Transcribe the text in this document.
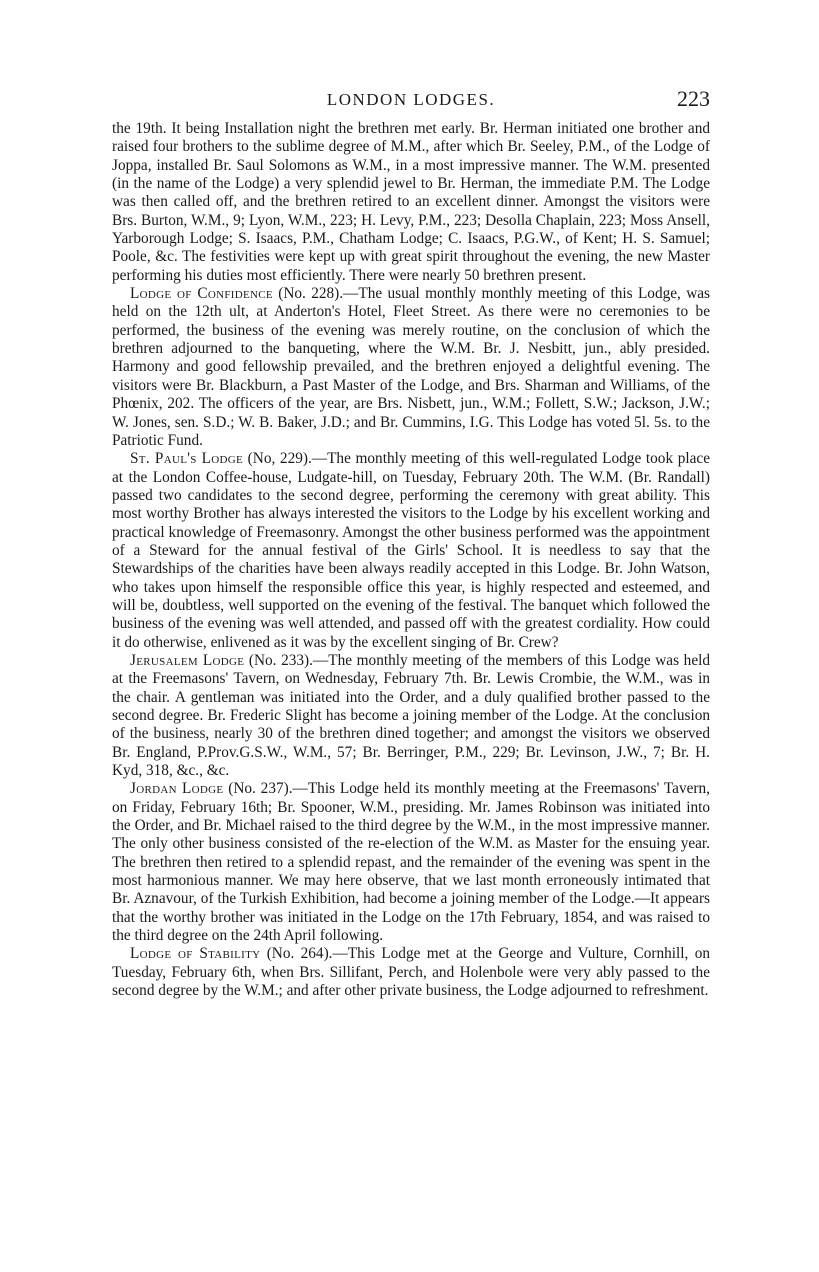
LONDON LODGES.	223

the 19th. It being Installation night the brethren met early. Br. Herman initiated one brother and raised four brothers to the sublime degree of M.M., after which Br. Seeley, P.M., of the Lodge of Joppa, installed Br. Saul Solomons as W.M., in a most impressive manner. The W.M. presented (in the name of the Lodge) a very splendid jewel to Br. Herman, the immediate P.M. The Lodge was then called off, and the brethren retired to an excellent dinner. Amongst the visitors were Brs. Burton, W.M., 9; Lyon, W.M., 223; H. Levy, P.M., 223; Desolla Chaplain, 223; Moss Ansell, Yarborough Lodge; S. Isaacs, P.M., Chatham Lodge; C. Isaacs, P.G.W., of Kent; H. S. Samuel; Poole, &c. The festivities were kept up with great spirit throughout the evening, the new Master performing his duties most efficiently. There were nearly 50 brethren present.

Lodge of Confidence (No. 228).—The usual monthly monthly meeting of this Lodge, was held on the 12th ult, at Anderton's Hotel, Fleet Street. As there were no ceremonies to be performed, the business of the evening was merely routine, on the conclusion of which the brethren adjourned to the banqueting, where the W.M. Br. J. Nesbitt, jun., ably presided. Harmony and good fellowship prevailed, and the brethren enjoyed a delightful evening. The visitors were Br. Blackburn, a Past Master of the Lodge, and Brs. Sharman and Williams, of the Phœnix, 202. The officers of the year, are Brs. Nisbett, jun., W.M.; Follett, S.W.; Jackson, J.W.; W. Jones, sen. S.D.; W. B. Baker, J.D.; and Br. Cummins, I.G. This Lodge has voted 5l. 5s. to the Patriotic Fund.

St. Paul's Lodge (No, 229).—The monthly meeting of this well-regulated Lodge took place at the London Coffee-house, Ludgate-hill, on Tuesday, February 20th. The W.M. (Br. Randall) passed two candidates to the second degree, performing the ceremony with great ability. This most worthy Brother has always interested the visitors to the Lodge by his excellent working and practical knowledge of Freemasonry. Amongst the other business performed was the appointment of a Steward for the annual festival of the Girls' School. It is needless to say that the Stewardships of the charities have been always readily accepted in this Lodge. Br. John Watson, who takes upon himself the responsible office this year, is highly respected and esteemed, and will be, doubtless, well supported on the evening of the festival. The banquet which followed the business of the evening was well attended, and passed off with the greatest cordiality. How could it do otherwise, enlivened as it was by the excellent singing of Br. Crew?

Jerusalem Lodge (No. 233).—The monthly meeting of the members of this Lodge was held at the Freemasons' Tavern, on Wednesday, February 7th. Br. Lewis Crombie, the W.M., was in the chair. A gentleman was initiated into the Order, and a duly qualified brother passed to the second degree. Br. Frederic Slight has become a joining member of the Lodge. At the conclusion of the business, nearly 30 of the brethren dined together; and amongst the visitors we observed Br. England, P.Prov.G.S.W., W.M., 57; Br. Berringer, P.M., 229; Br. Levinson, J.W., 7; Br. H. Kyd, 318, &c., &c.

Jordan Lodge (No. 237).—This Lodge held its monthly meeting at the Freemasons' Tavern, on Friday, February 16th; Br. Spooner, W.M., presiding. Mr. James Robinson was initiated into the Order, and Br. Michael raised to the third degree by the W.M., in the most impressive manner. The only other business consisted of the re-election of the W.M. as Master for the ensuing year. The brethren then retired to a splendid repast, and the remainder of the evening was spent in the most harmonious manner. We may here observe, that we last month erroneously intimated that Br. Aznavour, of the Turkish Exhibition, had become a joining member of the Lodge.—It appears that the worthy brother was initiated in the Lodge on the 17th February, 1854, and was raised to the third degree on the 24th April following.

Lodge of Stability (No. 264).—This Lodge met at the George and Vulture, Cornhill, on Tuesday, February 6th, when Brs. Sillifant, Perch, and Holenbole were very ably passed to the second degree by the W.M.; and after other private business, the Lodge adjourned to refreshment.
